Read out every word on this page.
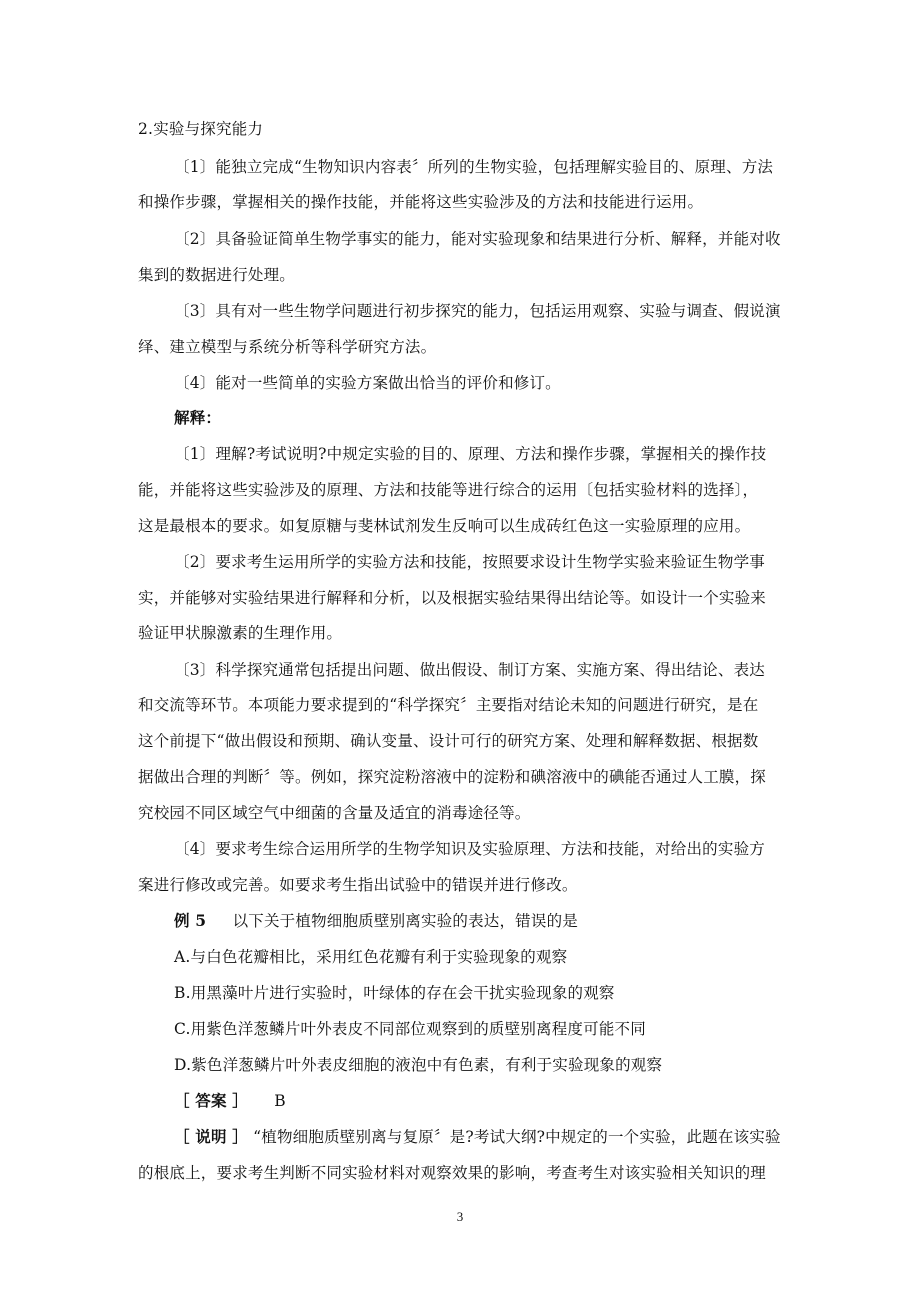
2.实验与探究能力
〔1〕能独立完成“生物知识内容表〞所列的生物实验，包括理解实验目的、原理、方法
和操作步骤，掌握相关的操作技能，并能将这些实验涉及的方法和技能进行运用。
〔2〕具备验证简单生物学事实的能力，能对实验现象和结果进行分析、解释，并能对收
集到的数据进行处理。
〔3〕具有对一些生物学问题进行初步探究的能力，包括运用观察、实验与调查、假说演
绎、建立模型与系统分析等科学研究方法。
〔4〕能对一些简单的实验方案做出恰当的评价和修订。
解释：
〔1〕理解?考试说明?中规定实验的目的、原理、方法和操作步骤，掌握相关的操作技
能，并能将这些实验涉及的原理、方法和技能等进行综合的运用〔包括实验材料的选择〕，
这是最根本的要求。如复原糖与斐林试剂发生反响可以生成砖红色这一实验原理的应用。
〔2〕要求考生运用所学的实验方法和技能，按照要求设计生物学实验来验证生物学事
实，并能够对实验结果进行解释和分析，以及根据实验结果得出结论等。如设计一个实验来
验证甲状腺激素的生理作用。
〔3〕科学探究通常包括提出问题、做出假设、制订方案、实施方案、得出结论、表达
和交流等环节。本项能力要求提到的“科学探究〞主要指对结论未知的问题进行研究，是在
这个前提下“做出假设和预期、确认变量、设计可行的研究方案、处理和解释数据、根据数
据做出合理的判断〞等。例如，探究淀粉溶液中的淀粉和碘溶液中的碘能否通过人工膜，探
究校园不同区域空气中细菌的含量及适宜的消毒途径等。
〔4〕要求考生综合运用所学的生物学知识及实验原理、方法和技能，对给出的实验方
案进行修改或完善。如要求考生指出试验中的错误并进行修改。
例 5 以下关于植物细胞质壁别离实验的表达，错误的是
A.与白色花瓣相比，采用红色花瓣有利于实验现象的观察
B.用黑藻叶片进行实验时，叶绿体的存在会干扰实验现象的观察
C.用紫色洋葱鳞片叶外表皮不同部位观察到的质壁别离程度可能不同
D.紫色洋葱鳞片叶外表皮细胞的液泡中有色素，有利于实验现象的观察
［ 答案 ］ B
［ 说明 ］ “植物细胞质壁别离与复原〞是?考试大纲?中规定的一个实验，此题在该实验
的根底上，要求考生判断不同实验材料对观察效果的影响，考查考生对该实验相关知识的理
3
